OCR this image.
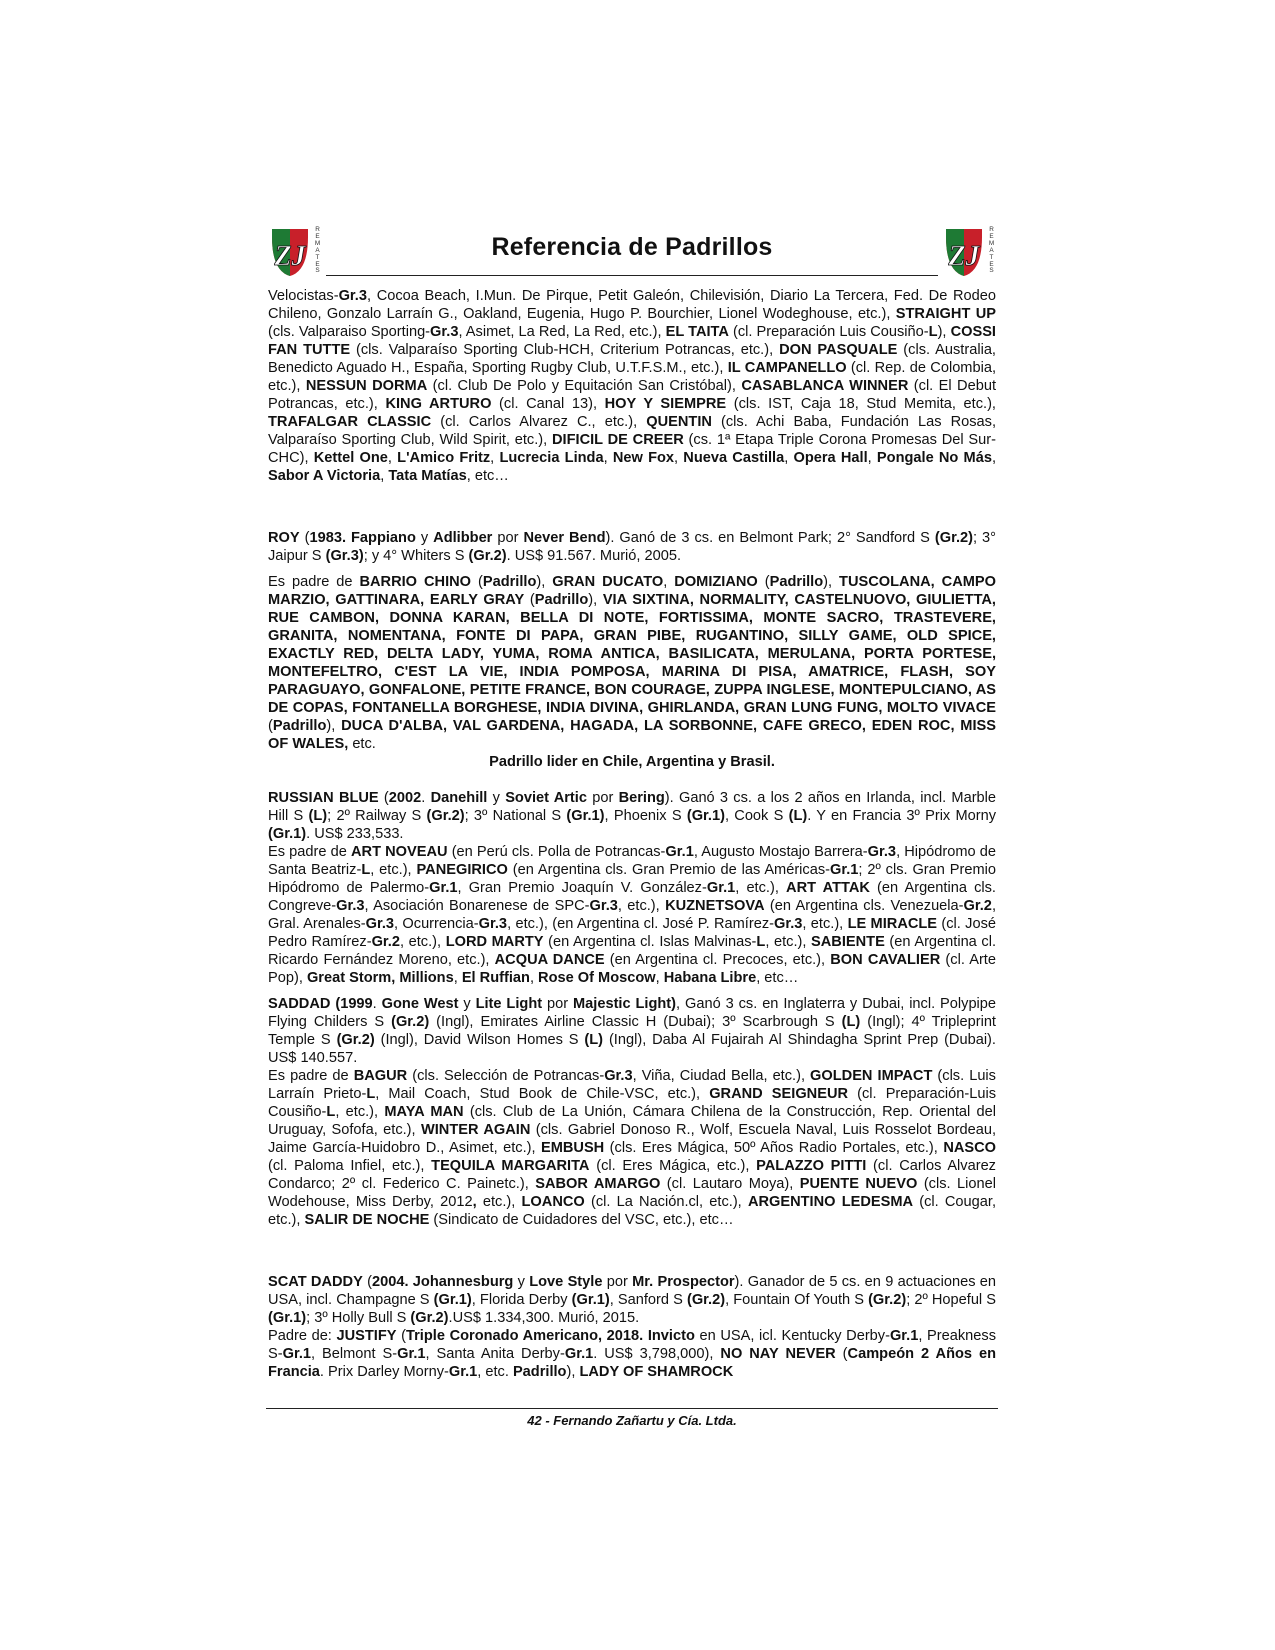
ZJ
R
E
M
A
T
E
S
Referencia de Padrillos	ZJ
R
E
M
A
T
E
S

Velocistas-Gr.3, Cocoa Beach, I.Mun. De Pirque, Petit Galeón, Chilevisión, Diario La Tercera, Fed. De Rodeo Chileno, Gonzalo Larraín G., Oakland, Eugenia, Hugo P. Bourchier, Lionel Wodeghouse, etc.), STRAIGHT UP (cls. Valparaiso Sporting-Gr.3, Asimet, La Red, La Red, etc.), EL TAITA (cl. Preparación Luis Cousiño-L), COSSI FAN TUTTE (cls. Valparaíso Sporting Club-HCH, Criterium Potrancas, etc.), DON PASQUALE (cls. Australia, Benedicto Aguado H., España, Sporting Rugby Club, U.T.F.S.M., etc.), IL CAMPANELLO (cl. Rep. de Colombia, etc.), NESSUN DORMA (cl. Club De Polo y Equitación San Cristóbal), CASABLANCA WINNER (cl. El Debut Potrancas, etc.), KING ARTURO (cl. Canal 13), HOY Y SIEMPRE (cls. IST, Caja 18, Stud Memita, etc.), TRAFALGAR CLASSIC (cl. Carlos Alvarez C., etc.), QUENTIN (cls. Achi Baba, Fundación Las Rosas, Valparaíso Sporting Club, Wild Spirit, etc.), DIFICIL DE CREER (cs. 1ª Etapa Triple Corona Promesas Del Sur-CHC), Kettel One, L'Amico Fritz, Lucrecia Linda, New Fox, Nueva Castilla, Opera Hall, Pongale No Más, Sabor A Victoria, Tata Matías, etc…

ROY (1983. Fappiano y Adlibber por Never Bend). Ganó de 3 cs. en Belmont Park; 2° Sandford S (Gr.2); 3° Jaipur S (Gr.3); y 4° Whiters S (Gr.2). US$ 91.567. Murió, 2005.

Es padre de BARRIO CHINO (Padrillo), GRAN DUCATO, DOMIZIANO (Padrillo), TUSCOLANA, CAMPO MARZIO, GATTINARA, EARLY GRAY (Padrillo), VIA SIXTINA, NORMALITY, CASTELNUOVO, GIULIETTA, RUE CAMBON, DONNA KARAN, BELLA DI NOTE, FORTISSIMA, MONTE SACRO, TRASTEVERE, GRANITA, NOMENTANA, FONTE DI PAPA, GRAN PIBE, RUGANTINO, SILLY GAME, OLD SPICE, EXACTLY RED, DELTA LADY, YUMA, ROMA ANTICA, BASILICATA, MERULANA, PORTA PORTESE, MONTEFELTRO, C'EST LA VIE, INDIA POMPOSA, MARINA DI PISA, AMATRICE, FLASH, SOY PARAGUAYO, GONFALONE, PETITE FRANCE, BON COURAGE, ZUPPA INGLESE, MONTEPULCIANO, AS DE COPAS, FONTANELLA BORGHESE, INDIA DIVINA, GHIRLANDA, GRAN LUNG FUNG, MOLTO VIVACE (Padrillo), DUCA D'ALBA, VAL GARDENA, HAGADA, LA SORBONNE, CAFE GRECO, EDEN ROC, MISS OF WALES, etc.

Padrillo lider en Chile, Argentina y Brasil.

RUSSIAN BLUE (2002. Danehill y Soviet Artic por Bering). Ganó 3 cs. a los 2 años en Irlanda, incl. Marble Hill S (L); 2º Railway S (Gr.2); 3º National S (Gr.1), Phoenix S (Gr.1), Cook S (L). Y en Francia 3º Prix Morny (Gr.1). US$ 233,533.

Es padre de ART NOVEAU (en Perú cls. Polla de Potrancas-Gr.1, Augusto Mostajo Barrera-Gr.3, Hipódromo de Santa Beatriz-L, etc.), PANEGIRICO (en Argentina cls. Gran Premio de las Américas-Gr.1; 2º cls. Gran Premio Hipódromo de Palermo-Gr.1, Gran Premio Joaquín V. González-Gr.1, etc.), ART ATTAK (en Argentina cls. Congreve-Gr.3, Asociación Bonarenese de SPC-Gr.3, etc.), KUZNETSOVA (en Argentina cls. Venezuela-Gr.2, Gral. Arenales-Gr.3, Ocurrencia-Gr.3, etc.), (en Argentina cl. José P. Ramírez-Gr.3, etc.), LE MIRACLE (cl. José Pedro Ramírez-Gr.2, etc.), LORD MARTY (en Argentina cl. Islas Malvinas-L, etc.), SABIENTE (en Argentina cl. Ricardo Fernández Moreno, etc.), ACQUA DANCE (en Argentina cl. Precoces, etc.), BON CAVALIER (cl. Arte Pop), Great Storm, Millions, El Ruffian, Rose Of Moscow, Habana Libre, etc…

SADDAD (1999. Gone West y Lite Light por Majestic Light), Ganó 3 cs. en Inglaterra y Dubai, incl. Polypipe Flying Childers S (Gr.2) (Ingl), Emirates Airline Classic H (Dubai); 3º Scarbrough S (L) (Ingl); 4º Tripleprint Temple S (Gr.2) (Ingl), David Wilson Homes S (L) (Ingl), Daba Al Fujairah Al Shindagha Sprint Prep (Dubai). US$ 140.557.

Es padre de BAGUR (cls. Selección de Potrancas-Gr.3, Viña, Ciudad Bella, etc.), GOLDEN IMPACT (cls. Luis Larraín Prieto-L, Mail Coach, Stud Book de Chile-VSC, etc.), GRAND SEIGNEUR (cl. Preparación-Luis Cousiño-L, etc.), MAYA MAN (cls. Club de La Unión, Cámara Chilena de la Construcción, Rep. Oriental del Uruguay, Sofofa, etc.), WINTER AGAIN (cls. Gabriel Donoso R., Wolf, Escuela Naval, Luis Rosselot Bordeau, Jaime García-Huidobro D., Asimet, etc.), EMBUSH (cls. Eres Mágica, 50º Años Radio Portales, etc.), NASCO (cl. Paloma Infiel, etc.), TEQUILA MARGARITA (cl. Eres Mágica, etc.), PALAZZO PITTI (cl. Carlos Alvarez Condarco; 2º cl. Federico C. Painetc.), SABOR AMARGO (cl. Lautaro Moya), PUENTE NUEVO (cls. Lionel Wodehouse, Miss Derby, 2012, etc.), LOANCO (cl. La Nación.cl, etc.), ARGENTINO LEDESMA (cl. Cougar, etc.), SALIR DE NOCHE (Sindicato de Cuidadores del VSC, etc.), etc…

SCAT DADDY (2004. Johannesburg y Love Style por Mr. Prospector). Ganador de 5 cs. en 9 actuaciones en USA, incl. Champagne S (Gr.1), Florida Derby (Gr.1), Sanford S (Gr.2), Fountain Of Youth S (Gr.2); 2º Hopeful S (Gr.1); 3º Holly Bull S (Gr.2).US$ 1.334,300. Murió, 2015.

Padre de: JUSTIFY (Triple Coronado Americano, 2018. Invicto en USA, icl. Kentucky Derby-Gr.1, Preakness S-Gr.1, Belmont S-Gr.1, Santa Anita Derby-Gr.1. US$ 3,798,000), NO NAY NEVER (Campeón 2 Años en Francia. Prix Darley Morny-Gr.1, etc. Padrillo), LADY OF SHAMROCK

42 - Fernando Zañartu y Cía. Ltda.
